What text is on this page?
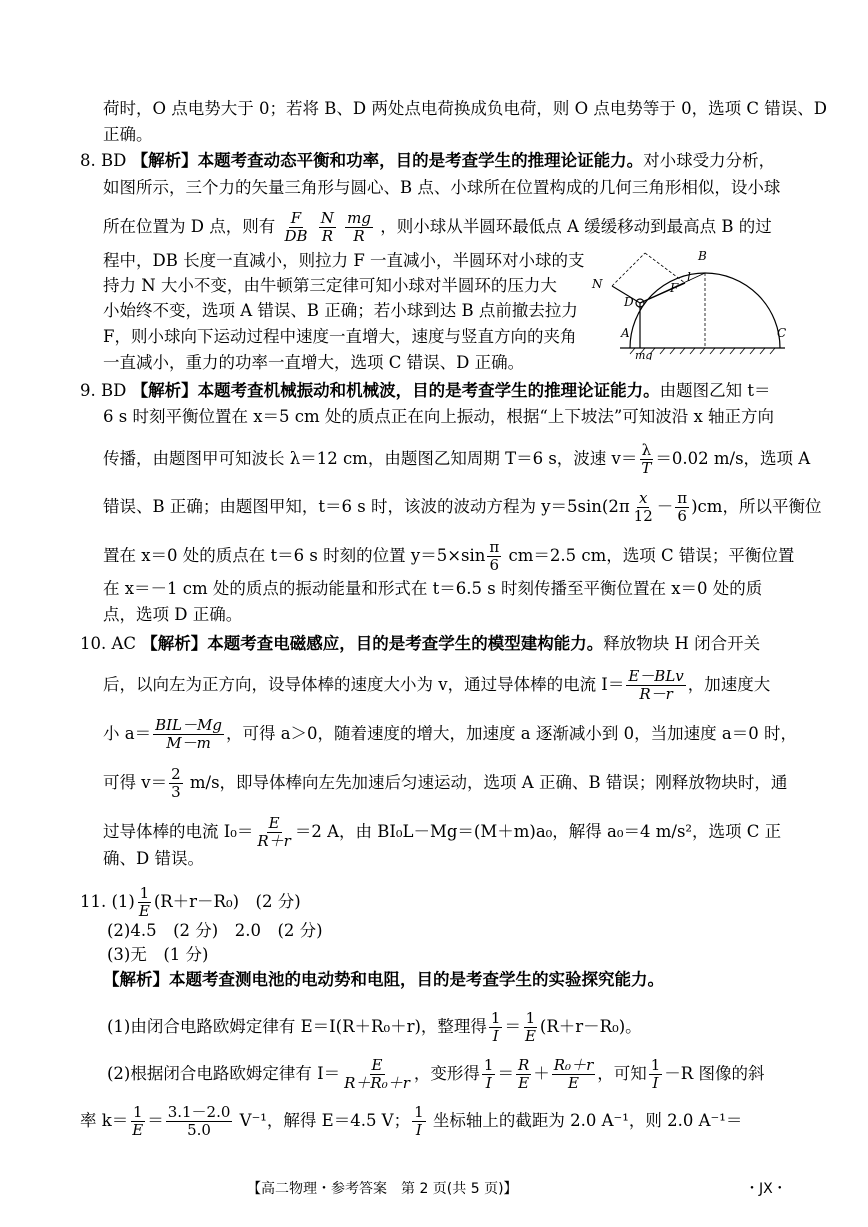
荷时，O 点电势大于 0；若将 B、D 两处点电荷换成负电荷，则 O 点电势等于 0，选项 C 错误、D
正确。
8. BD 【解析】本题考查动态平衡和功率，目的是考查学生的推理论证能力。对小球受力分析，
如图所示，三个力的矢量三角形与圆心、B 点、小球所在位置构成的几何三角形相似，设小球
所在位置为 D 点，则有 $\frac{F}{DB}$
$\frac{N}{R}$
$\frac{mg}{R}$ ，则小球从半圆环最低点 A 缓缓移动到最高点 B 的过
程中，DB 长度一直减小，则拉力 F 一直减小，半圆环对小球的支
持力 N 大小不变，由牛顿第三定律可知小球对半圆环的压力大
小始终不变，选项 A 错误、B 正确；若小球到达 B 点前撤去拉力
F，则小球向下运动过程中速度一直增大，速度与竖直方向的夹角
一直减小，重力的功率一直增大，选项 C 错误、D 正确。
B
N
D
F
l
A	C
mg
9. BD 【解析】本题考查机械振动和机械波，目的是考查学生的推理论证能力。由题图乙知 t＝
6 s 时刻平衡位置在 x＝5 cm 处的质点正在向上振动，根据“上下坡法”可知波沿 x 轴正方向
传播，由题图甲可知波长 λ＝12 cm，由题图乙知周期 T＝6 s，波速 $v= \frac{\lambda}{T} =0.02$ m/s，选项 A
错误、B 正确；由题图甲知，t＝6 s 时，该波的波动方程为 $y=5\sin(2\pi \frac{x}{12} - \frac{\pi}{6} )cm$，所以平衡位
置在 x＝0 处的质点在 t＝6 s 时刻的位置 $y=5\times\sin \frac{\pi}{6} cm=2.5$ cm，选项 C 错误；平衡位置
在 x＝－1 cm 处的质点的振动能量和形式在 t＝6.5 s 时刻传播至平衡位置在 x＝0 处的质
点，选项 D 正确。
10. AC 【解析】本题考查电磁感应，目的是考查学生的模型建构能力。释放物块 H 闭合开关
后，以向左为正方向，设导体棒的速度大小为 v，通过导体棒的电流 $I= \frac{\text{E－BLv}}{R-r}$ ，加速度大
小 $a= \frac{\text{BIL－Mg}}{M-m}$ ，可得 a＞0，随着速度的增大，加速度 a 逐渐减小到 0，当加速度 a＝0 时，
可得 $v= \frac{2}{3} m/s$，即导体棒向左先加速后匀速运动，选项 A 正确、B 错误；刚释放物块时，通
过导体棒的电流 $I_0= \frac{E}{R+r} =2$ A，由 BI₀L－Mg＝(M＋m)a₀，解得 a₀＝4 m/s²，选项 C 正
确、D 错误。
11. $(1) \frac{1}{E} (R+r-R_0)$　(2 分)
(2)4.5　(2 分)　2.0　(2 分)
(3)无　(1 分)
【解析】本题考查测电池的电动势和电阻，目的是考查学生的实验探究能力。
(1)由闭合电路欧姆定律有 E＝I(R＋R₀＋r)，整理得 $\frac{1}{I} = \frac{1}{E} (R+r-R_0)$。
(2)根据闭合电路欧姆定律有 $I= \frac{E}{\text{R＋R₀＋r}}$ ，变形得 $\frac{1}{I} = \frac{R}{E} + \frac{\text{R₀＋r}}{E}$ ，可知 $\frac{1}{I} -R$ 图像的斜
率 $k= \frac{1}{E} = \frac{3.1-2.0}{5.0} V^{-1}$，解得 E＝4.5 V； $\frac{1}{I}$ 坐标轴上的截距为 2.0 A⁻¹，则 2.0 A⁻¹＝
【高二物理・参考答案　第 2 页(共 5 页)】	・JX・
